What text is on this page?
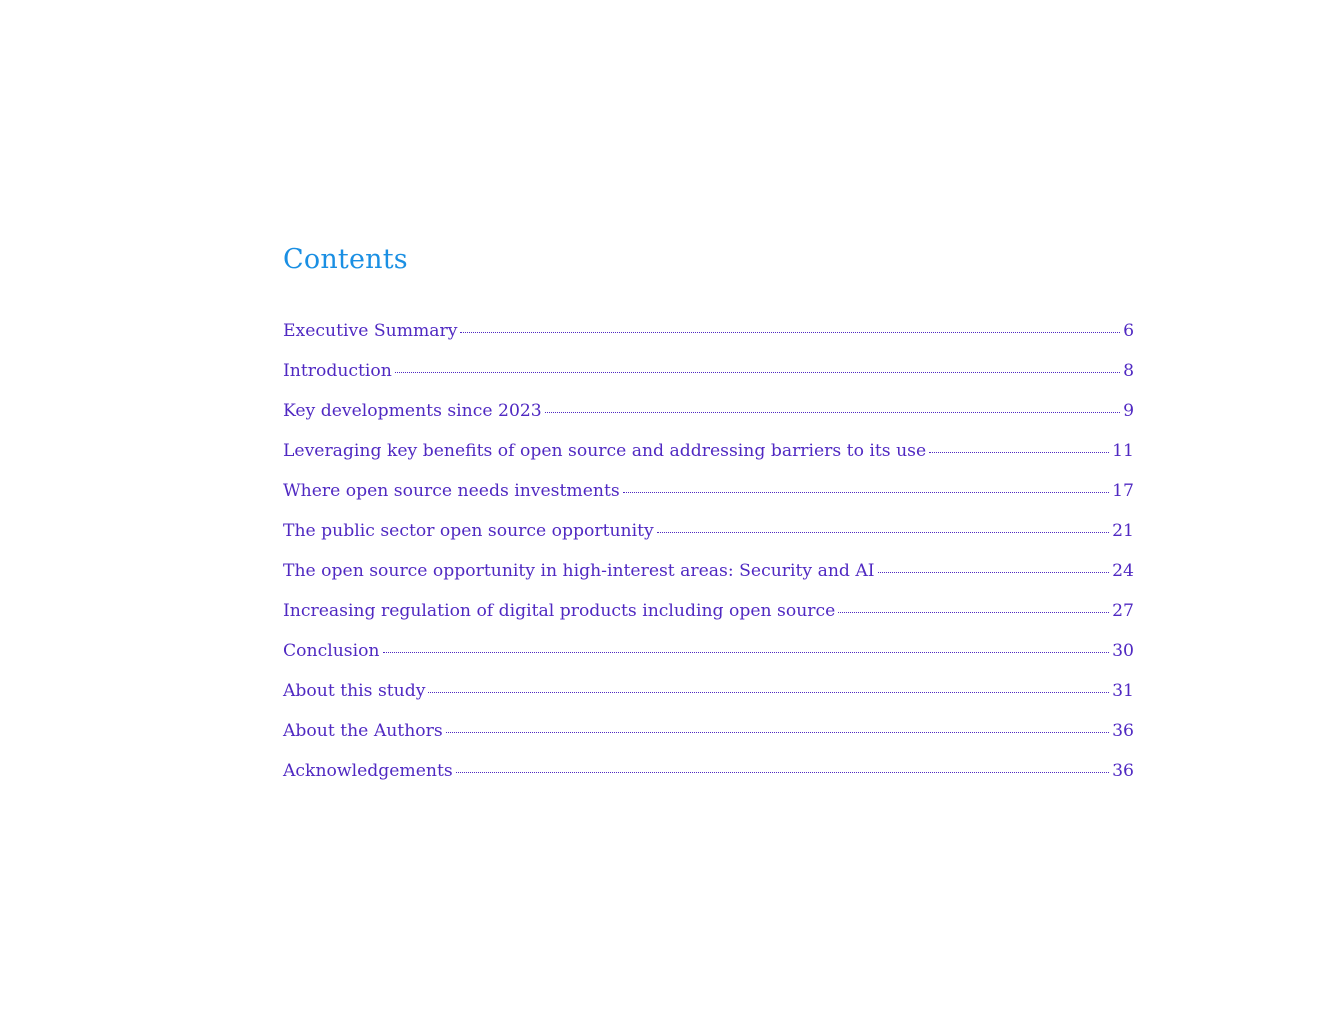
Contents
Executive Summary	6
Introduction	8
Key developments since 2023	9
Leveraging key benefits of open source and addressing barriers to its use	11
Where open source needs investments	17
The public sector open source opportunity	21
The open source opportunity in high-interest areas: Security and AI	24
Increasing regulation of digital products including open source	27
Conclusion	30
About this study	31
About the Authors	36
Acknowledgements	36
